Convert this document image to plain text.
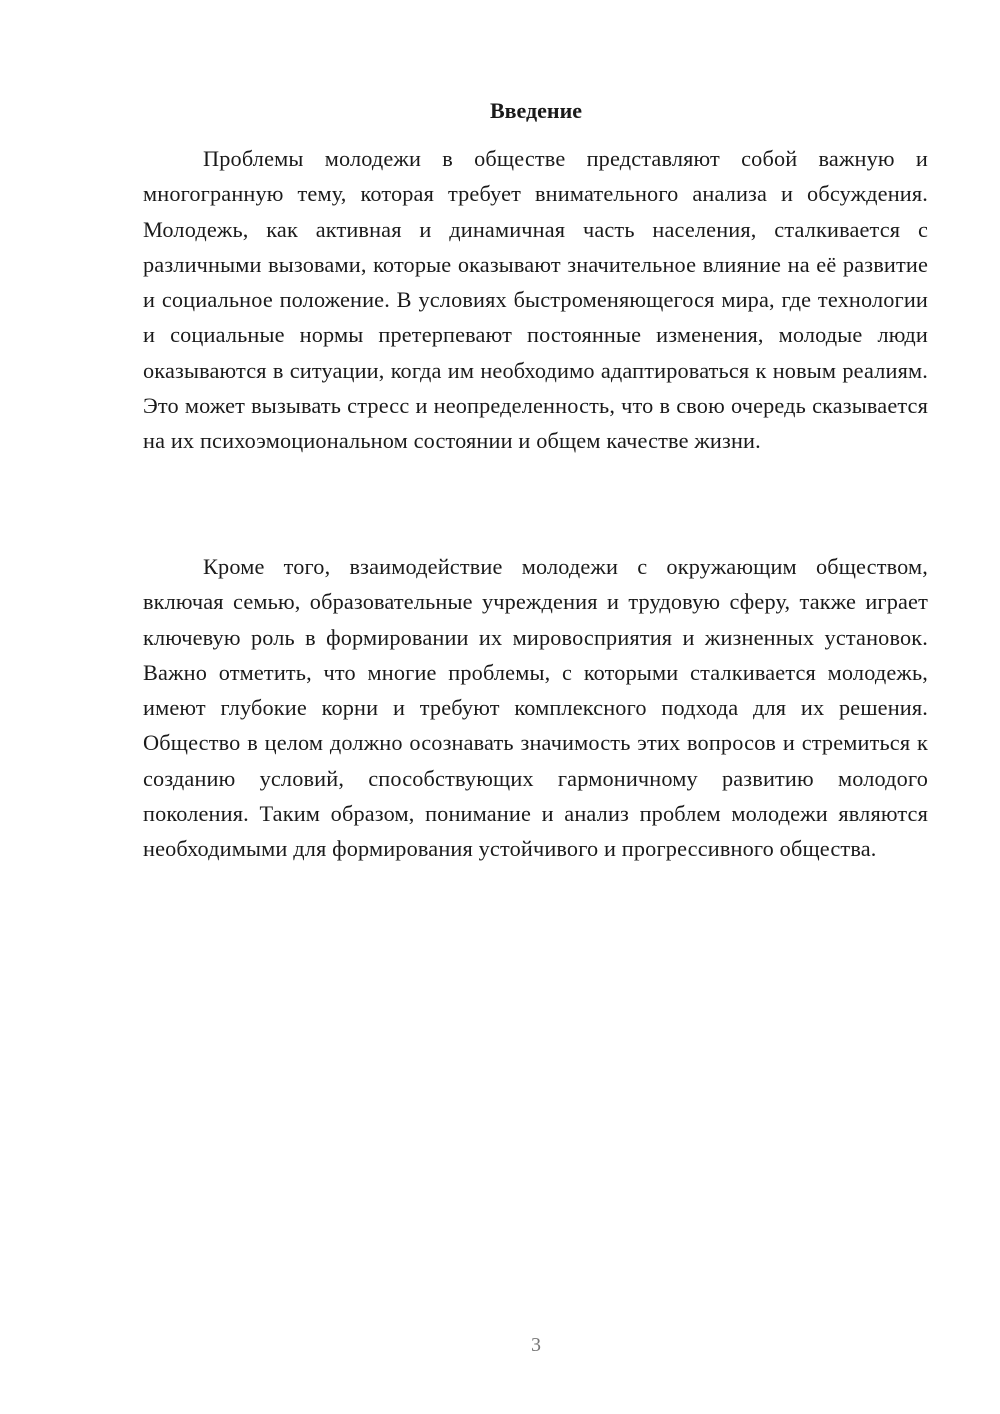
Введение

Проблемы молодежи в обществе представляют собой важную и многогранную тему, которая требует внимательного анализа и обсуждения. Молодежь, как активная и динамичная часть населения, сталкивается с различными вызовами, которые оказывают значительное влияние на её развитие и социальное положение. В условиях быстроменяющегося мира, где технологии и социальные нормы претерпевают постоянные изменения, молодые люди оказываются в ситуации, когда им необходимо адаптироваться к новым реалиям. Это может вызывать стресс и неопределенность, что в свою очередь сказывается на их психоэмоциональном состоянии и общем качестве жизни.

Кроме того, взаимодействие молодежи с окружающим обществом, включая семью, образовательные учреждения и трудовую сферу, также играет ключевую роль в формировании их мировосприятия и жизненных установок. Важно отметить, что многие проблемы, с которыми сталкивается молодежь, имеют глубокие корни и требуют комплексного подхода для их решения. Общество в целом должно осознавать значимость этих вопросов и стремиться к созданию условий, способствующих гармоничному развитию молодого поколения. Таким образом, понимание и анализ проблем молодежи являются необходимыми для формирования устойчивого и прогрессивного общества.

3
